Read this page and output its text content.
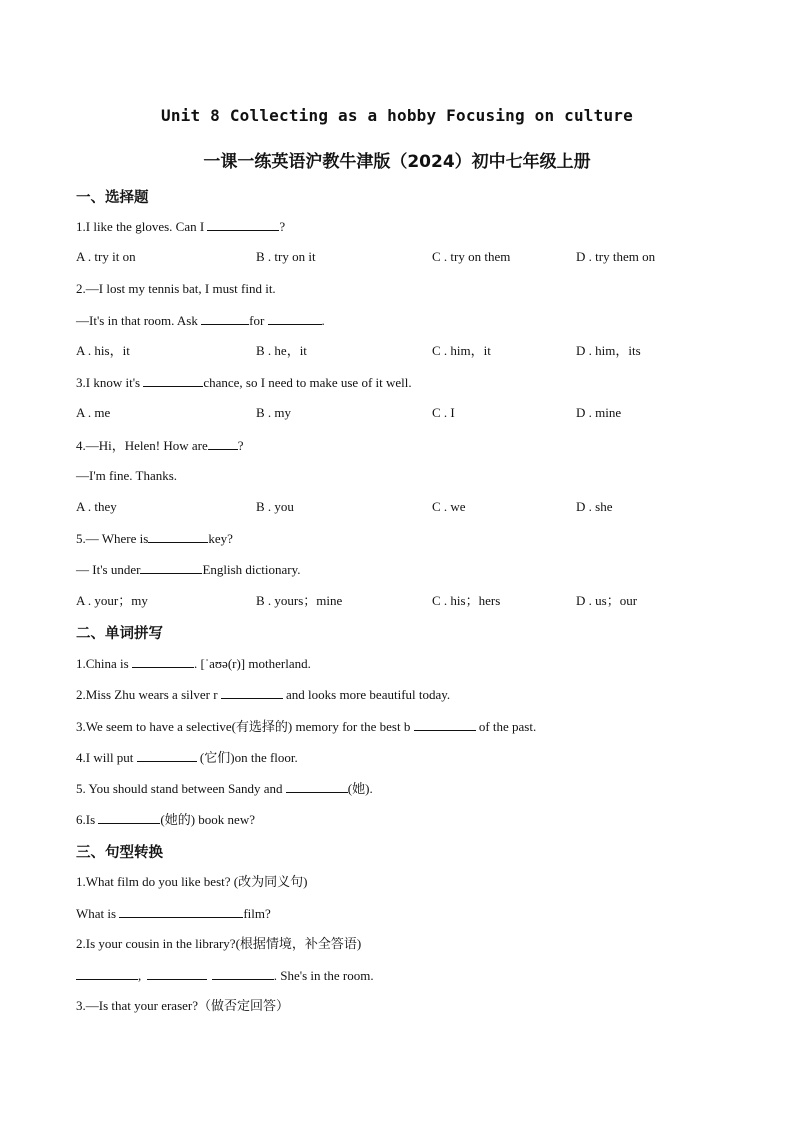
Unit 8 Collecting as a hobby Focusing on culture
一课一练英语沪教牛津版（2024）初中七年级上册
一、选择题
1.I like the gloves. Can I	?
A . try it on	B . try on it	C . try on them	D . try them on
2.—I lost my tennis bat, I must find it.
—It's in that room. Ask	for	.
A . his，it	B . he，it	C . him，it	D . him，its
3.I know it's	chance, so I need to make use of it well.
A . me	B . my	C . I	D . mine
4.—Hi，Helen! How are ?
—I'm fine. Thanks.
A . they	B . you	C . we	D . she
5.— Where is	key?
— It's under	English dictionary.
A . your；my	B . yours；mine	C . his；hers	D . us；our
二、单词拼写
1.China is	. [ˈaʊə(r)] motherland.
2.Miss Zhu wears a silver r	and looks more beautiful today.
3.We seem to have a selective(有选择的) memory for the best b	of the past.
4.I will put	(它们)on the floor.
5. You should stand between Sandy and	(她).
6.Is	(她的) book new?
三、句型转换
1.What film do you like best? (改为同义句)
What is	film?
2.Is your cousin in the library?(根据情境，补全答语)
,	. She's in the room.
3.—Is that your eraser?（做否定回答）
